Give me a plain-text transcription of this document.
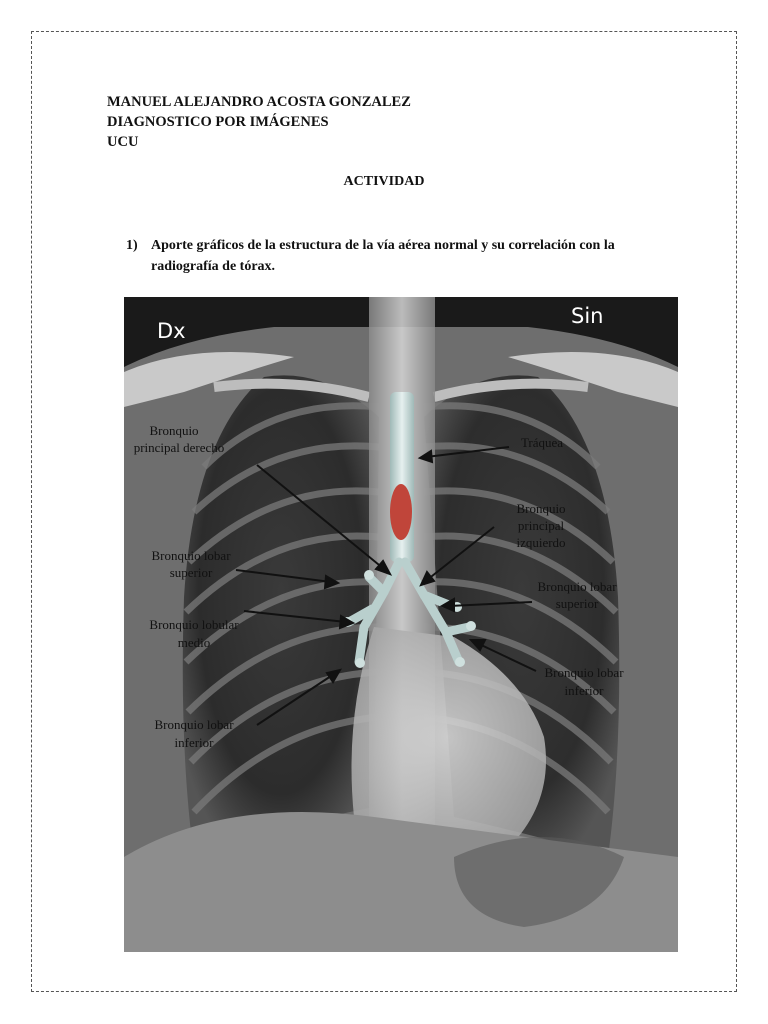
MANUEL ALEJANDRO ACOSTA GONZALEZ
DIAGNOSTICO POR IMÁGENES
UCU
ACTIVIDAD
1) Aporte gráficos de la estructura de la vía aérea normal y su correlación con la radiografía de tórax.
Dx
Sin
Bronquio
principal derecho	Tráquea
Bronquio
principal
izquierdo
Bronquio lobar
superior
Bronquio lobular
medio
Bronquio lobar
superior
Bronquio lobar
inferior
Bronquio lobar
inferior
